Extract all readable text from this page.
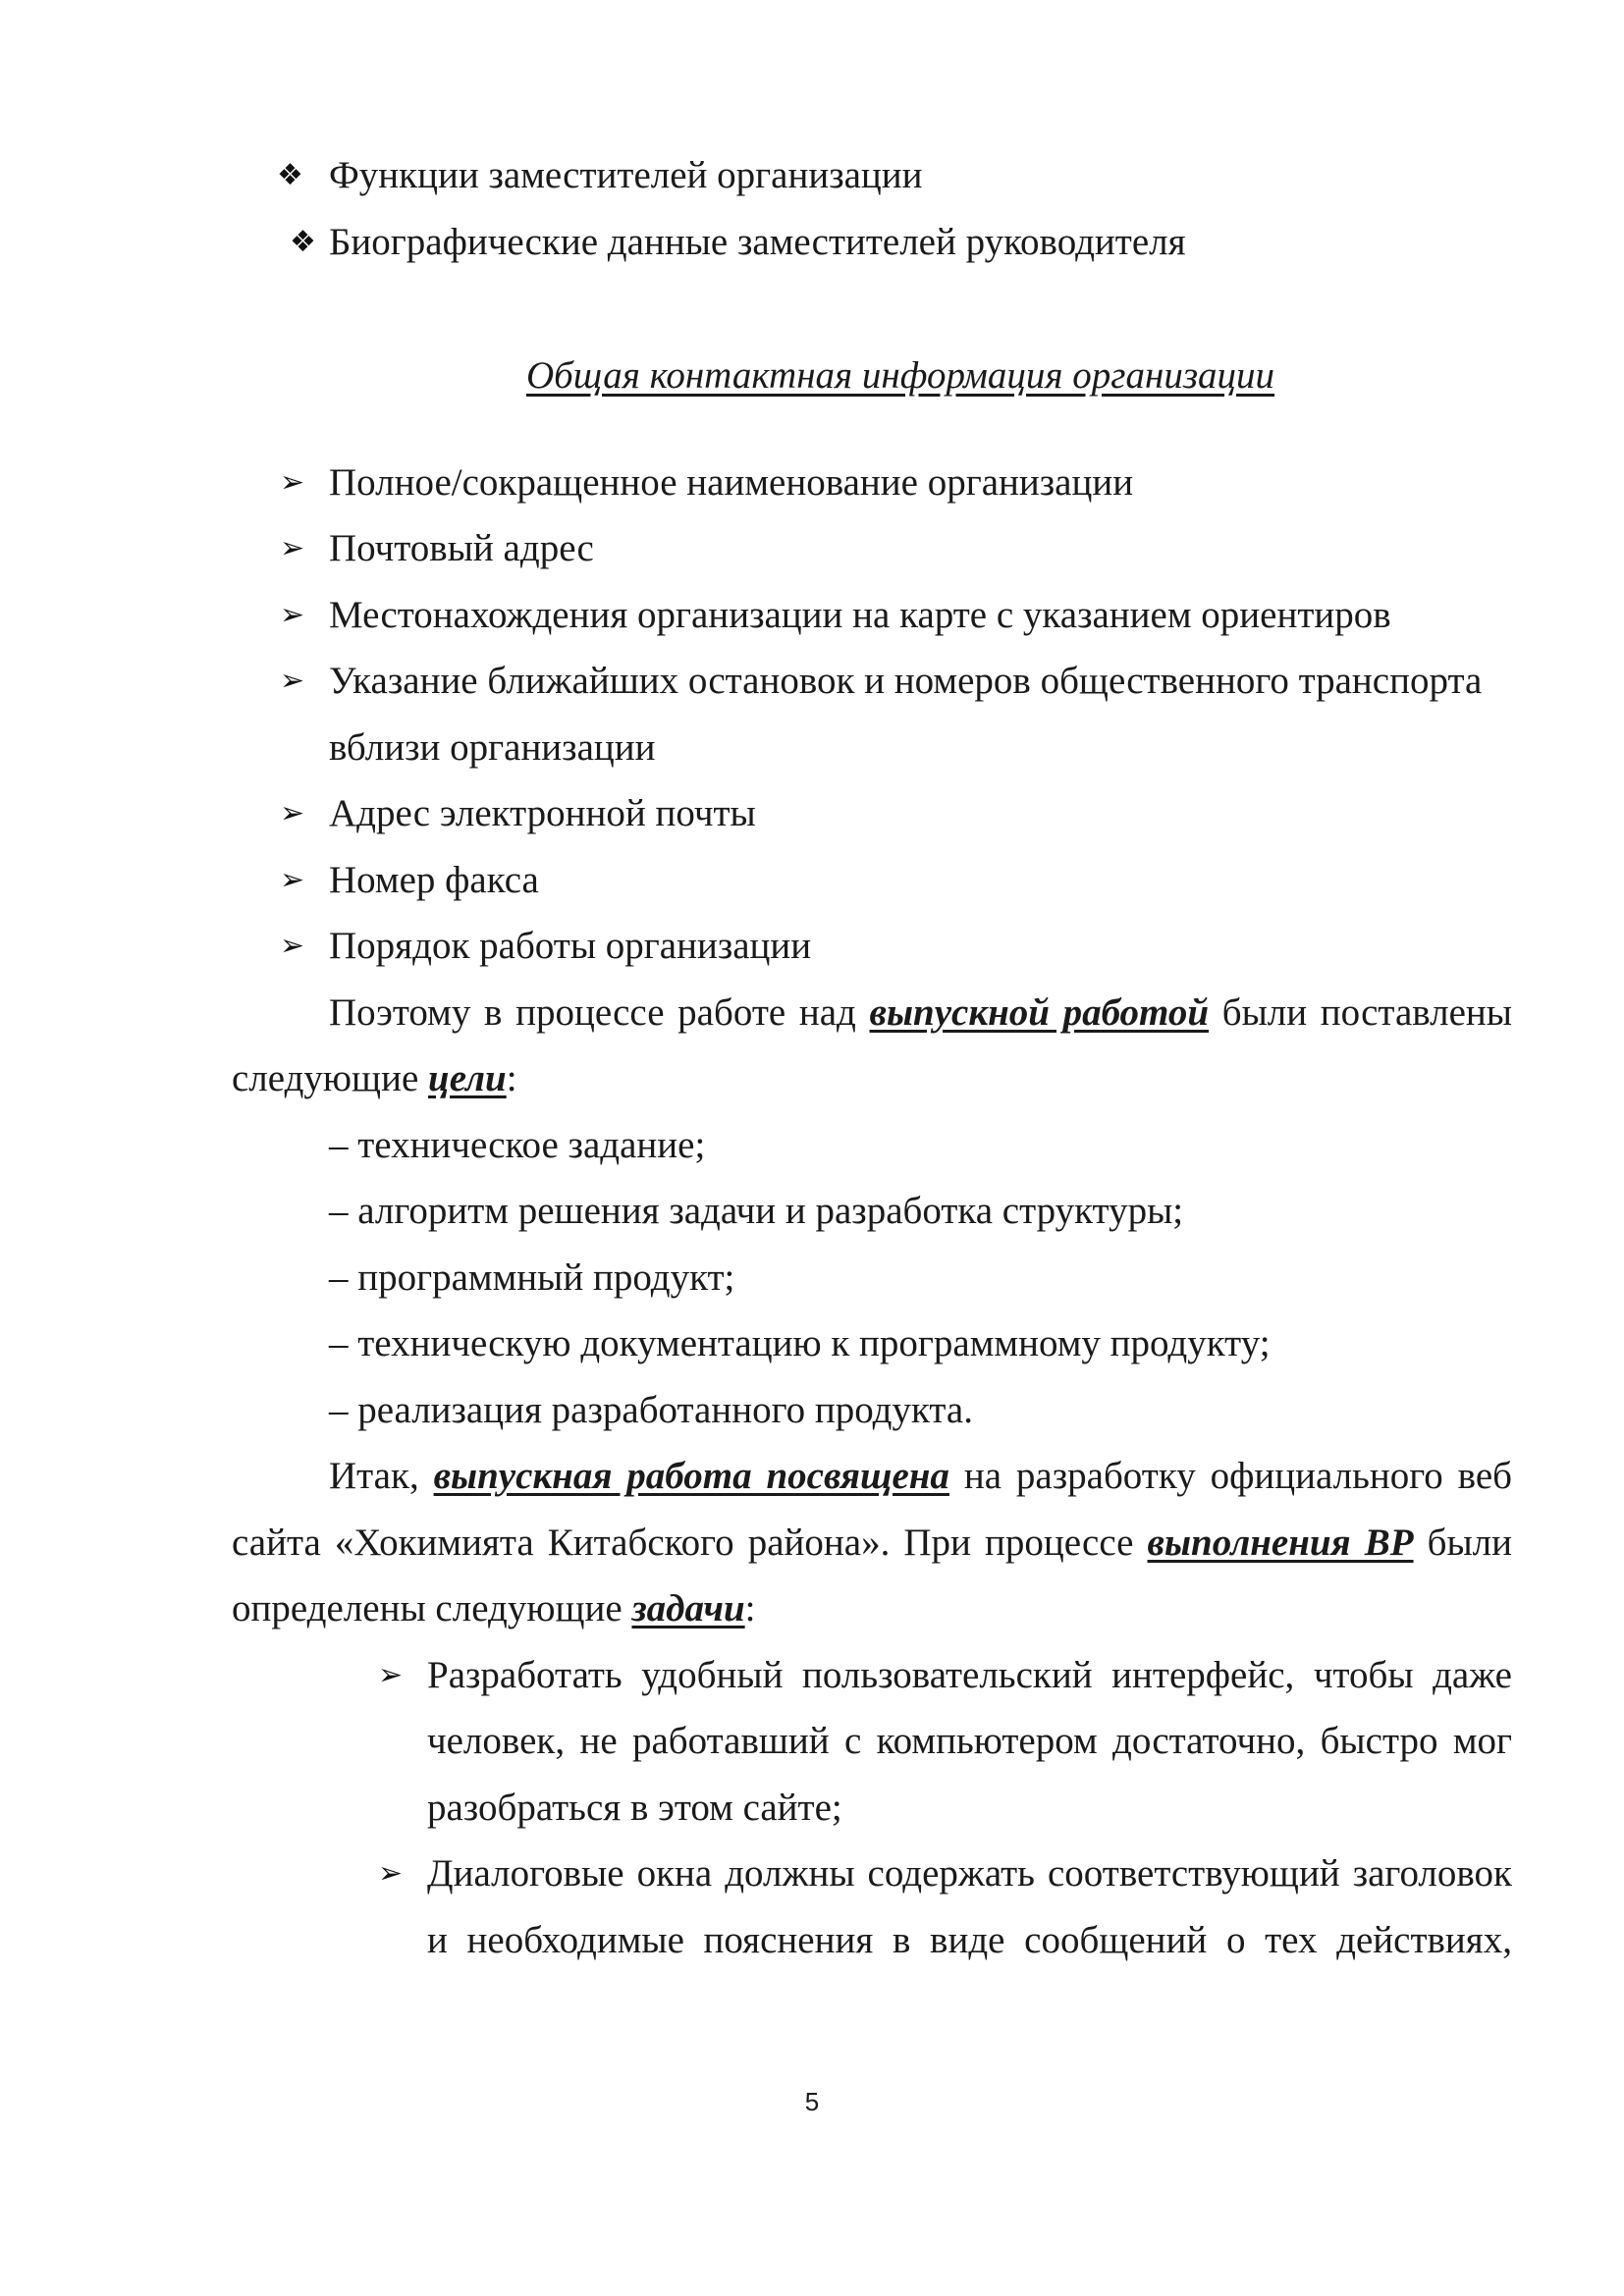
❖ Функции заместителей организации
❖ Биографические данные заместителей руководителя
Общая контактная информация организации
➢ Полное/сокращенное наименование организации
➢ Почтовый адрес
➢ Местонахождения организации на карте с указанием ориентиров
➢ Указание ближайших остановок и номеров общественного транспорта
вблизи организации
➢ Адрес электронной почты
➢ Номер факса
➢ Порядок работы организации
Поэтому в процессе работе над выпускной работой были поставлены
следующие цели:
– техническое задание;
– алгоритм решения задачи и разработка структуры;
– программный продукт;
– техническую документацию к программному продукту;
– реализация разработанного продукта.
Итак, выпускная работа посвящена на разработку официального веб
сайта «Хокимията Китабского района». При процессе выполнения ВР были
определены следующие задачи:
➢ Разработать удобный пользовательский интерфейс, чтобы даже
человек, не работавший с компьютером достаточно, быстро мог
разобраться в этом сайте;
➢ Диалоговые окна должны содержать соответствующий заголовок
и необходимые пояснения в виде сообщений о тех действиях,
5
